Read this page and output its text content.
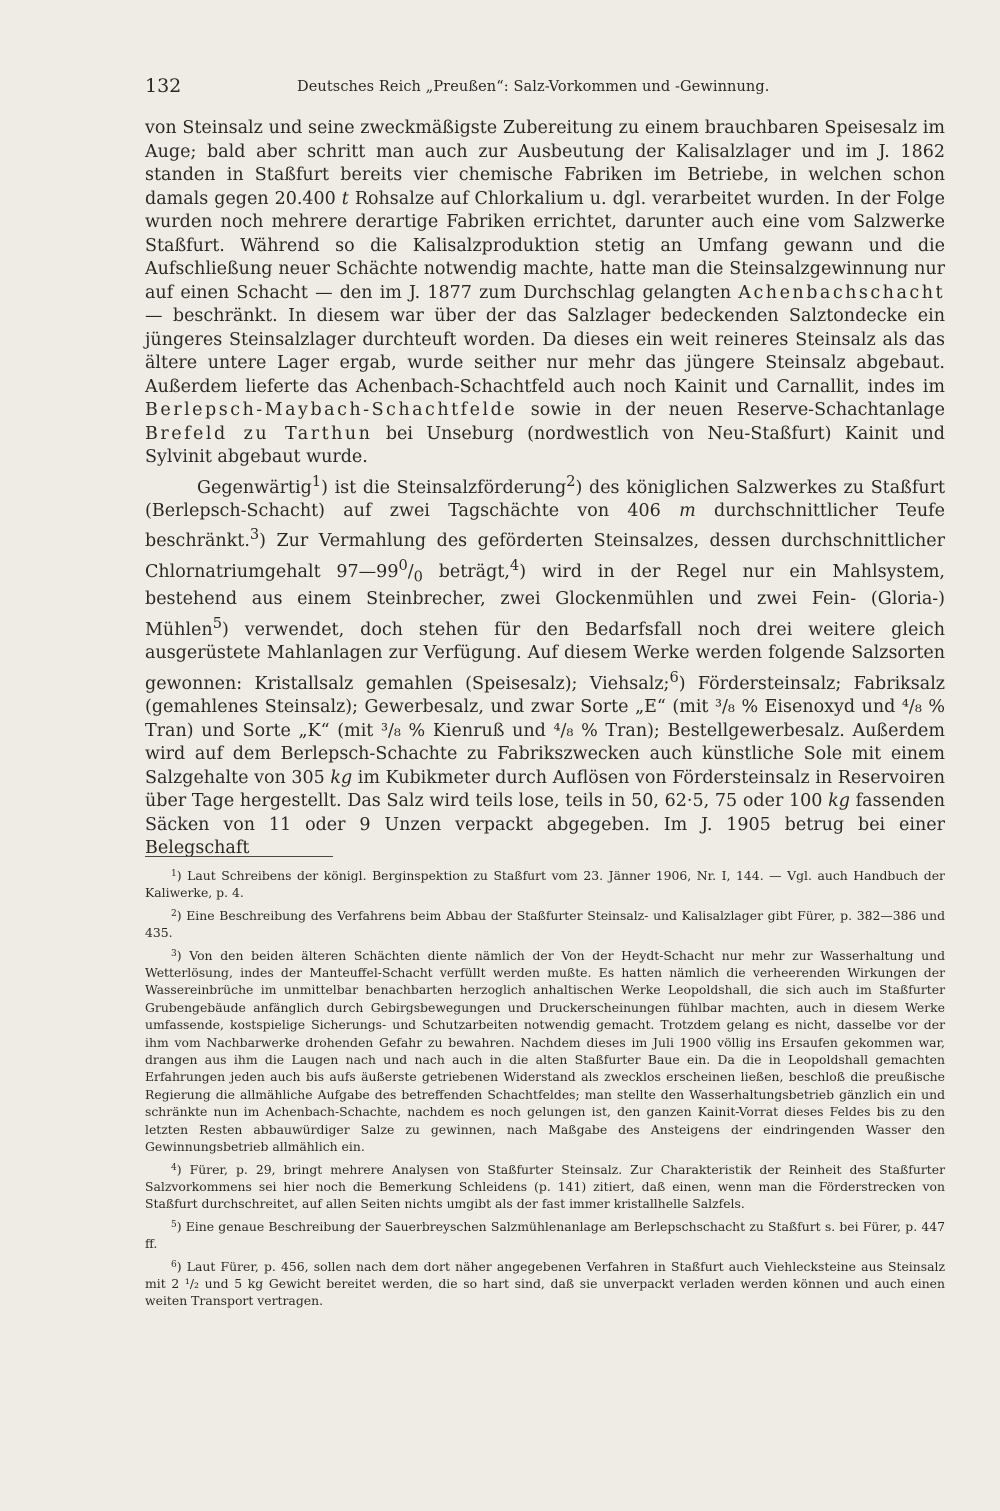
132	Deutsches Reich „Preußen“: Salz-Vorkommen und -Gewinnung.

von Steinsalz und seine zweckmäßigste Zubereitung zu einem brauchbaren Speisesalz im Auge; bald aber schritt man auch zur Ausbeutung der Kalisalzlager und im J. 1862 standen in Staßfurt bereits vier chemische Fabriken im Betriebe, in welchen schon damals gegen 20.400 t Rohsalze auf Chlorkalium u. dgl. verarbeitet wurden. In der Folge wurden noch mehrere derartige Fabriken errichtet, darunter auch eine vom Salzwerke Staßfurt. Während so die Kalisalzproduktion stetig an Umfang gewann und die Aufschließung neuer Schächte notwendig machte, hatte man die Steinsalzgewinnung nur auf einen Schacht — den im J. 1877 zum Durchschlag gelangten Achenbachschacht — beschränkt. In diesem war über der das Salzlager bedeckenden Salztondecke ein jüngeres Steinsalzlager durchteuft worden. Da dieses ein weit reineres Steinsalz als das ältere untere Lager ergab, wurde seither nur mehr das jüngere Steinsalz abgebaut. Außerdem lieferte das Achenbach-Schachtfeld auch noch Kainit und Carnallit, indes im Berlepsch-Maybach-Schachtfelde sowie in der neuen Reserve-Schachtanlage Brefeld zu Tarthun bei Unseburg (nordwestlich von Neu-Staßfurt) Kainit und Sylvinit abgebaut wurde.

Gegenwärtig$^1$) ist die Steinsalzförderung$^2$) des königlichen Salzwerkes zu Staßfurt (Berlepsch-Schacht) auf zwei Tagschächte von 406 m durchschnittlicher Teufe beschränkt.$^3$) Zur Vermahlung des geförderten Steinsalzes, dessen durchschnittlicher Chlornatriumgehalt $97—99^0/_0$ beträgt,$^4$) wird in der Regel nur ein Mahlsystem, bestehend aus einem Steinbrecher, zwei Glockenmühlen und zwei Fein- (Gloria-) Mühlen$^5$) verwendet, doch stehen für den Bedarfsfall noch drei weitere gleich ausgerüstete Mahlanlagen zur Verfügung. Auf diesem Werke werden folgende Salzsorten gewonnen: Kristallsalz gemahlen (Speisesalz); Viehsalz;$^6$) Fördersteinsalz; Fabriksalz (gemahlenes Steinsalz); Gewerbesalz, und zwar Sorte „E“ (mit ³/₈ % Eisenoxyd und ⁴/₈ % Tran) und Sorte „K“ (mit ³/₈ % Kienruß und ⁴/₈ % Tran); Bestellgewerbesalz. Außerdem wird auf dem Berlepsch-Schachte zu Fabrikszwecken auch künstliche Sole mit einem Salzgehalte von 305 kg im Kubikmeter durch Auflösen von Fördersteinsalz in Reservoiren über Tage hergestellt. Das Salz wird teils lose, teils in 50, 62·5, 75 oder 100 kg fassenden Säcken von 11 oder 9 Unzen verpackt abgegeben. Im J. 1905 betrug bei einer Belegschaft

$^1$) Laut Schreibens der königl. Berginspektion zu Staßfurt vom 23. Jänner 1906, Nr. I, 144. — Vgl. auch Handbuch der Kaliwerke, p. 4.

$^2$) Eine Beschreibung des Verfahrens beim Abbau der Staßfurter Steinsalz- und Kalisalzlager gibt Fürer, p. 382—386 und 435.

$^3$) Von den beiden älteren Schächten diente nämlich der Von der Heydt-Schacht nur mehr zur Wasserhaltung und Wetterlösung, indes der Manteuffel-Schacht verfüllt werden mußte. Es hatten nämlich die verheerenden Wirkungen der Wassereinbrüche im unmittelbar benachbarten herzoglich anhaltischen Werke Leopoldshall, die sich auch im Staßfurter Grubengebäude anfänglich durch Gebirgsbewegungen und Druckerscheinungen fühlbar machten, auch in diesem Werke umfassende, kostspielige Sicherungs- und Schutzarbeiten notwendig gemacht. Trotzdem gelang es nicht, dasselbe vor der ihm vom Nachbarwerke drohenden Gefahr zu bewahren. Nachdem dieses im Juli 1900 völlig ins Ersaufen gekommen war, drangen aus ihm die Laugen nach und nach auch in die alten Staßfurter Baue ein. Da die in Leopoldshall gemachten Erfahrungen jeden auch bis aufs äußerste getriebenen Widerstand als zwecklos erscheinen ließen, beschloß die preußische Regierung die allmähliche Aufgabe des betreffenden Schachtfeldes; man stellte den Wasserhaltungsbetrieb gänzlich ein und schränkte nun im Achenbach-Schachte, nachdem es noch gelungen ist, den ganzen Kainit-Vorrat dieses Feldes bis zu den letzten Resten abbauwürdiger Salze zu gewinnen, nach Maßgabe des Ansteigens der eindringenden Wasser den Gewinnungsbetrieb allmählich ein.

$^4$) Fürer, p. 29, bringt mehrere Analysen von Staßfurter Steinsalz. Zur Charakteristik der Reinheit des Staßfurter Salzvorkommens sei hier noch die Bemerkung Schleidens (p. 141) zitiert, daß einen, wenn man die Förderstrecken von Staßfurt durchschreitet, auf allen Seiten nichts umgibt als der fast immer kristallhelle Salzfels.

$^5$) Eine genaue Beschreibung der Sauerbreyschen Salzmühlenanlage am Berlepschschacht zu Staßfurt s. bei Fürer, p. 447 ff.

$^6$) Laut Fürer, p. 456, sollen nach dem dort näher angegebenen Verfahren in Staßfurt auch Viehlecksteine aus Steinsalz mit 2 ¹/₂ und 5 kg Gewicht bereitet werden, die so hart sind, daß sie unverpackt verladen werden können und auch einen weiten Transport vertragen.
